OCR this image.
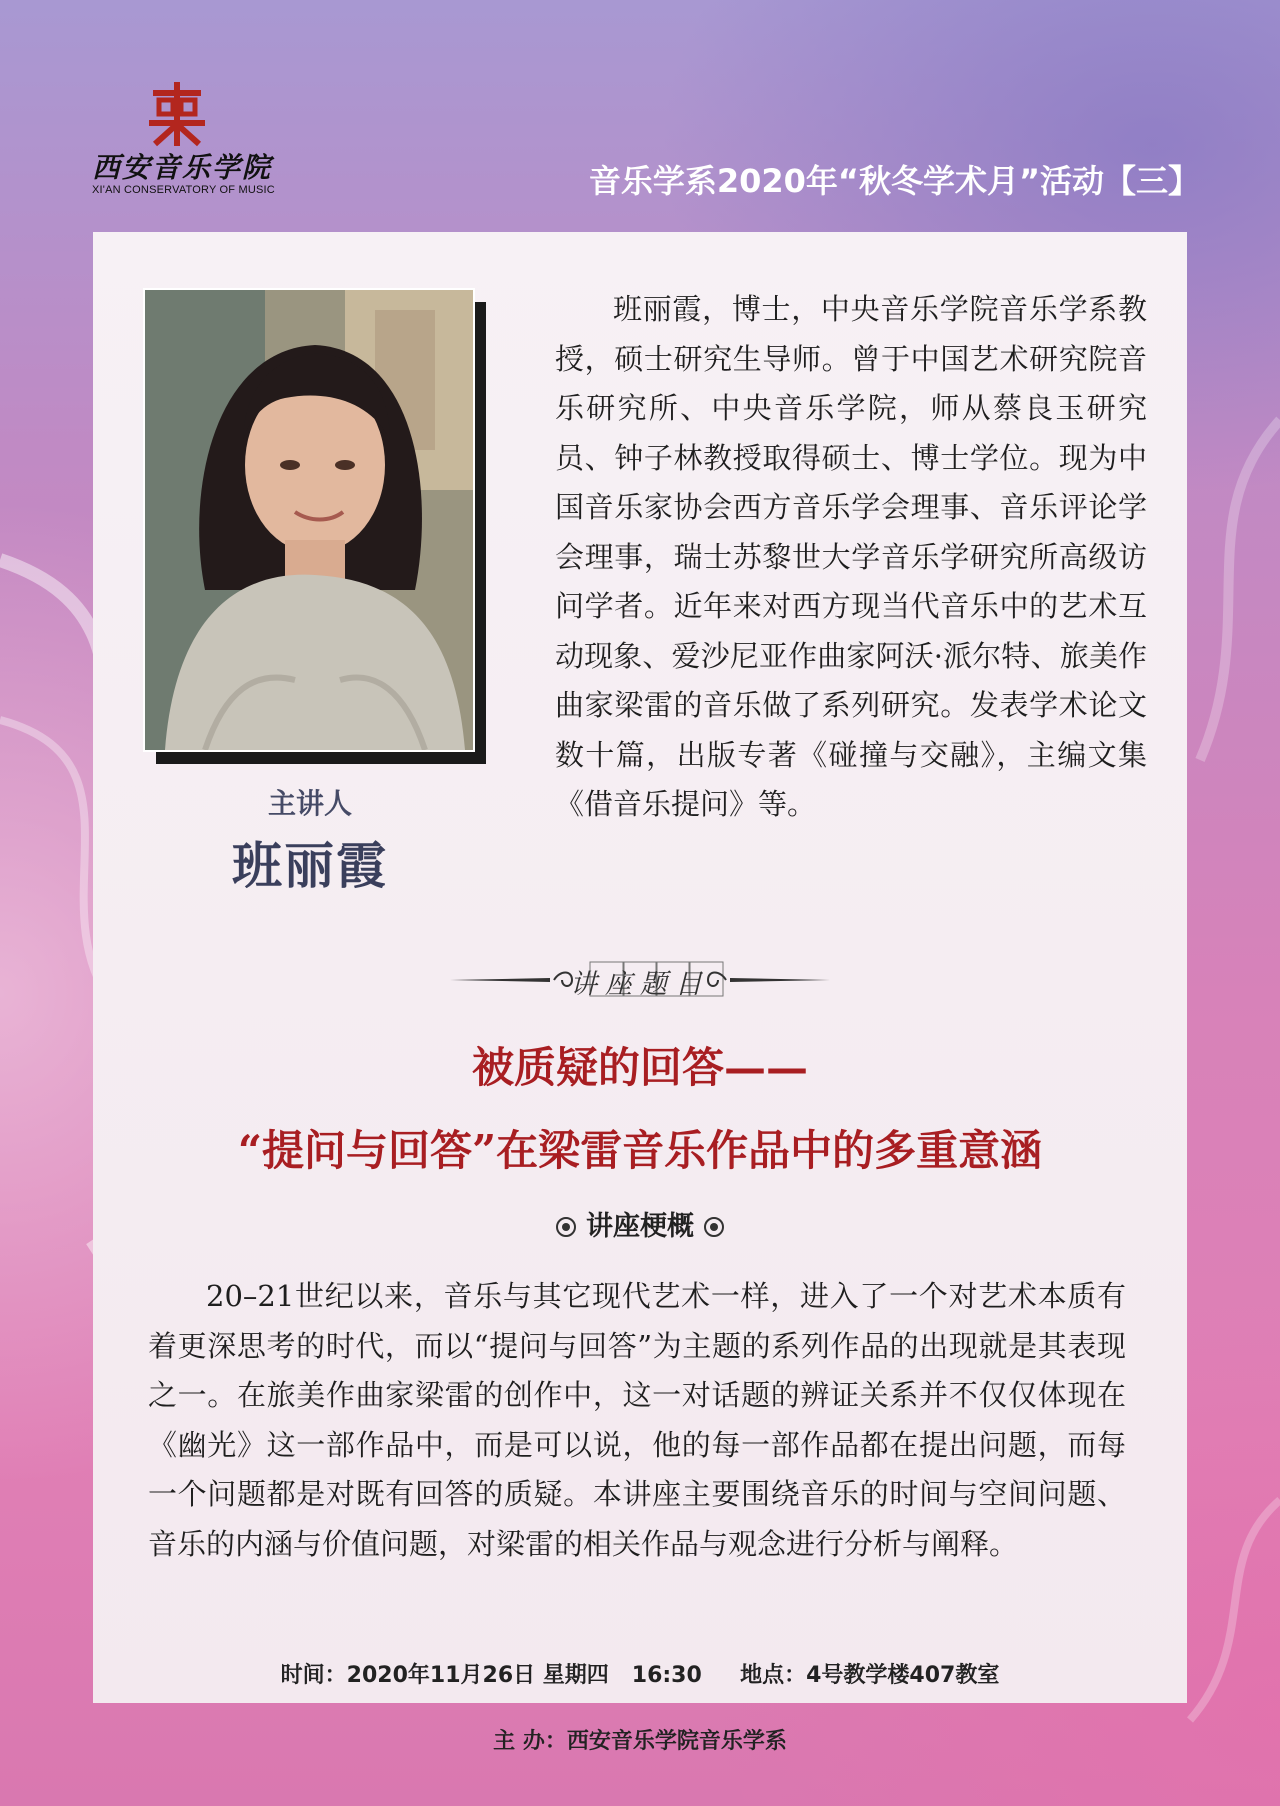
西安音乐学院
XI'AN CONSERVATORY OF MUSIC	音乐学系2020年“秋冬学术月”活动【三】
主讲人
班丽霞

班丽霞，博士，中央音乐学院音乐学系教授，硕士研究生导师。曾于中国艺术研究院音乐研究所、中央音乐学院，师从蔡良玉研究员、钟子林教授取得硕士、博士学位。现为中国音乐家协会西方音乐学会理事、音乐评论学会理事，瑞士苏黎世大学音乐学研究所高级访问学者。近年来对西方现当代音乐中的艺术互动现象、爱沙尼亚作曲家阿沃·派尔特、旅美作曲家梁雷的音乐做了系列研究。发表学术论文数十篇，出版专著《碰撞与交融》，主编文集《借音乐提问》等。

讲座题目
被质疑的回答——
“提问与回答”在梁雷音乐作品中的多重意涵
讲座梗概

20–21世纪以来，音乐与其它现代艺术一样，进入了一个对艺术本质有着更深思考的时代，而以“提问与回答”为主题的系列作品的出现就是其表现之一。在旅美作曲家梁雷的创作中，这一对话题的辨证关系并不仅仅体现在《幽光》这一部作品中，而是可以说，他的每一部作品都在提出问题，而每一个问题都是对既有回答的质疑。本讲座主要围绕音乐的时间与空间问题、音乐的内涵与价值问题，对梁雷的相关作品与观念进行分析与阐释。

时间：2020年11月26日 星期四   16:30     地点：4号教学楼407教室
主 办：西安音乐学院音乐学系
